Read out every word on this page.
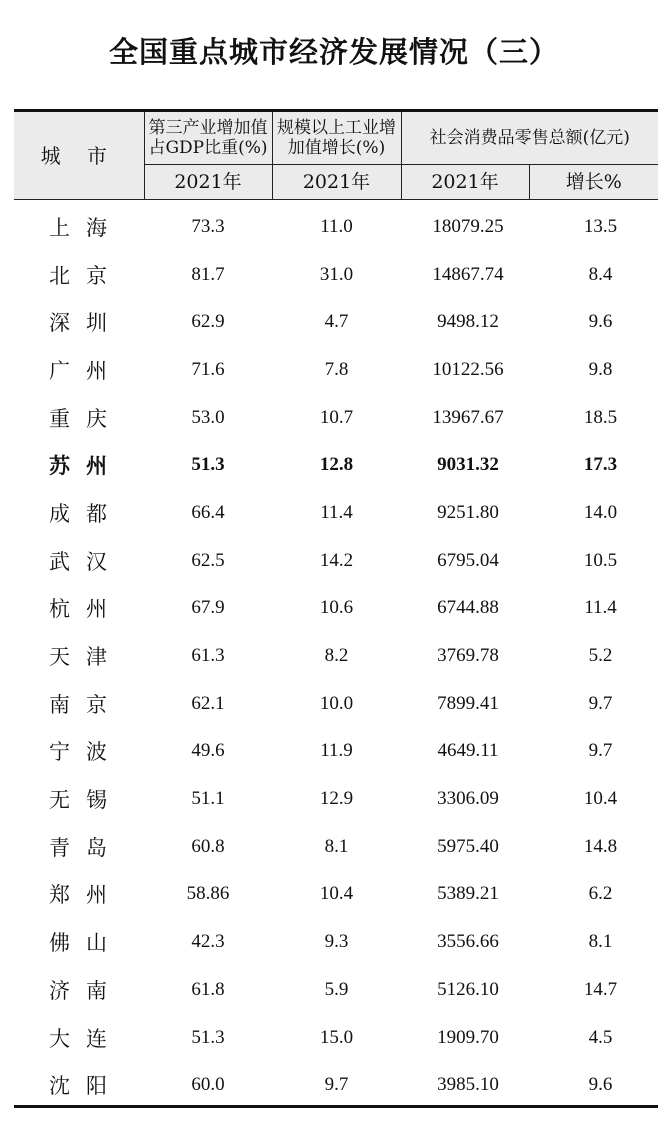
全国重点城市经济发展情况（三）
城 市	第三产业增加值占GDP比重(%)	规模以上工业增加值增长(%)	社会消费品零售总额(亿元)	
	2021年	2021年	2021年	增长%
上海	73.3	11.0	18079.25	13.5
北京	81.7	31.0	14867.74	8.4
深圳	62.9	4.7	9498.12	9.6
广州	71.6	7.8	10122.56	9.8
重庆	53.0	10.7	13967.67	18.5
苏州	51.3	12.8	9031.32	17.3
成都	66.4	11.4	9251.80	14.0
武汉	62.5	14.2	6795.04	10.5
杭州	67.9	10.6	6744.88	11.4
天津	61.3	8.2	3769.78	5.2
南京	62.1	10.0	7899.41	9.7
宁波	49.6	11.9	4649.11	9.7
无锡	51.1	12.9	3306.09	10.4
青岛	60.8	8.1	5975.40	14.8
郑州	58.86	10.4	5389.21	6.2
佛山	42.3	9.3	3556.66	8.1
济南	61.8	5.9	5126.10	14.7
大连	51.3	15.0	1909.70	4.5
沈阳	60.0	9.7	3985.10	9.6
